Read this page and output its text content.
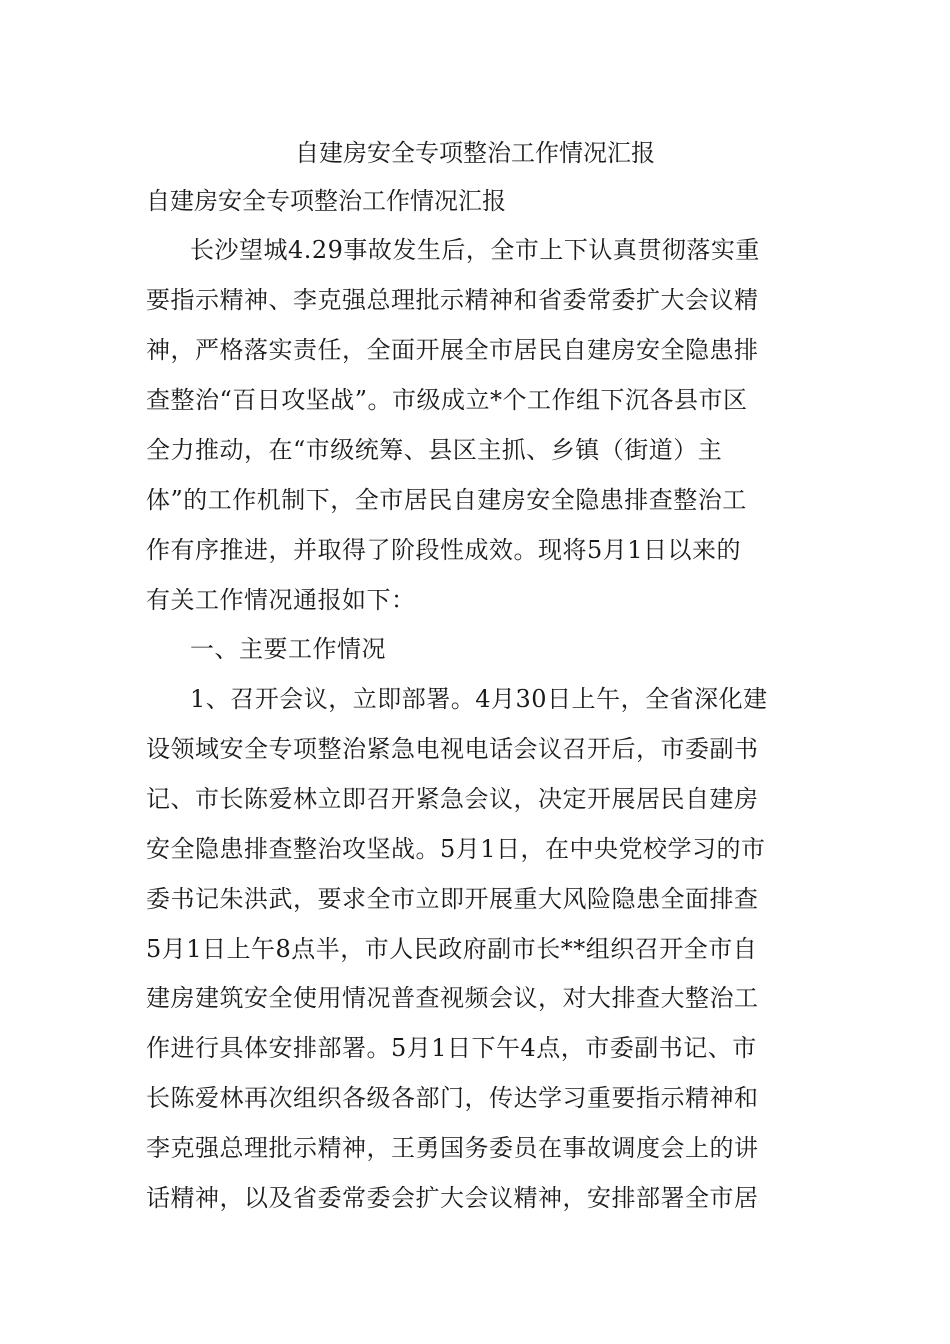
自建房安全专项整治工作情况汇报
自建房安全专项整治工作情况汇报
长沙望城4.29事故发生后，全市上下认真贯彻落实重
要指示精神、李克强总理批示精神和省委常委扩大会议精
神，严格落实责任，全面开展全市居民自建房安全隐患排
查整治“百日攻坚战”。市级成立*个工作组下沉各县市区
全力推动，在“市级统筹、县区主抓、乡镇（街道）主
体”的工作机制下，全市居民自建房安全隐患排查整治工
作有序推进，并取得了阶段性成效。现将5月1日以来的
有关工作情况通报如下：
一、主要工作情况
1、召开会议，立即部署。4月30日上午，全省深化建
设领域安全专项整治紧急电视电话会议召开后，市委副书
记、市长陈爱林立即召开紧急会议，决定开展居民自建房
安全隐患排查整治攻坚战。5月1日，在中央党校学习的市
委书记朱洪武，要求全市立即开展重大风险隐患全面排查
5月1日上午8点半，市人民政府副市长**组织召开全市自
建房建筑安全使用情况普查视频会议，对大排查大整治工
作进行具体安排部署。5月1日下午4点，市委副书记、市
长陈爱林再次组织各级各部门，传达学习重要指示精神和
李克强总理批示精神，王勇国务委员在事故调度会上的讲
话精神，以及省委常委会扩大会议精神，安排部署全市居
